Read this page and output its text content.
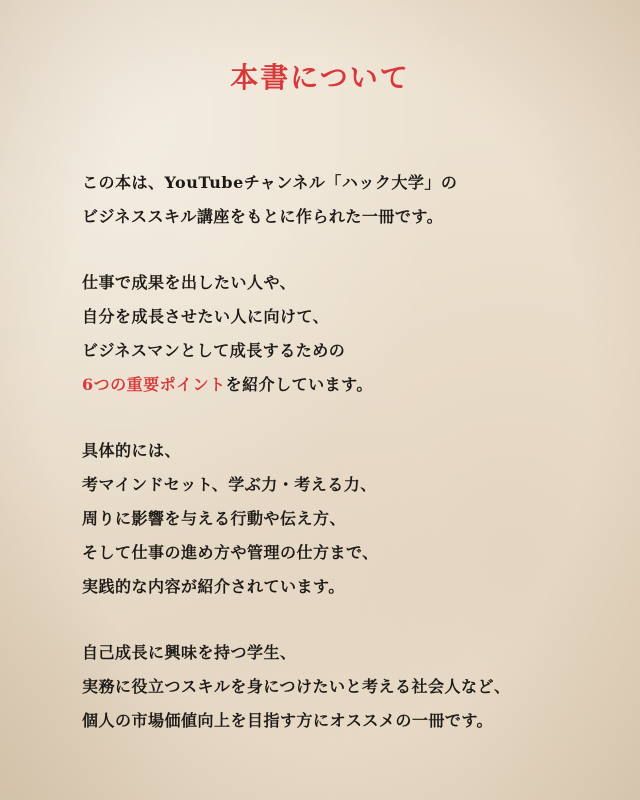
本書について
この本は、YouTubeチャンネル「ハック大学」の
ビジネススキル講座をもとに作られた一冊です。
仕事で成果を出したい人や、
自分を成長させたい人に向けて、
ビジネスマンとして成長するための
6つの重要ポイントを紹介しています。
具体的には、
考マインドセット、学ぶ力・考える力、
周りに影響を与える行動や伝え方、
そして仕事の進め方や管理の仕方まで、
実践的な内容が紹介されています。
自己成長に興味を持つ学生、
実務に役立つスキルを身につけたいと考える社会人など、
個人の市場価値向上を目指す方にオススメの一冊です。
